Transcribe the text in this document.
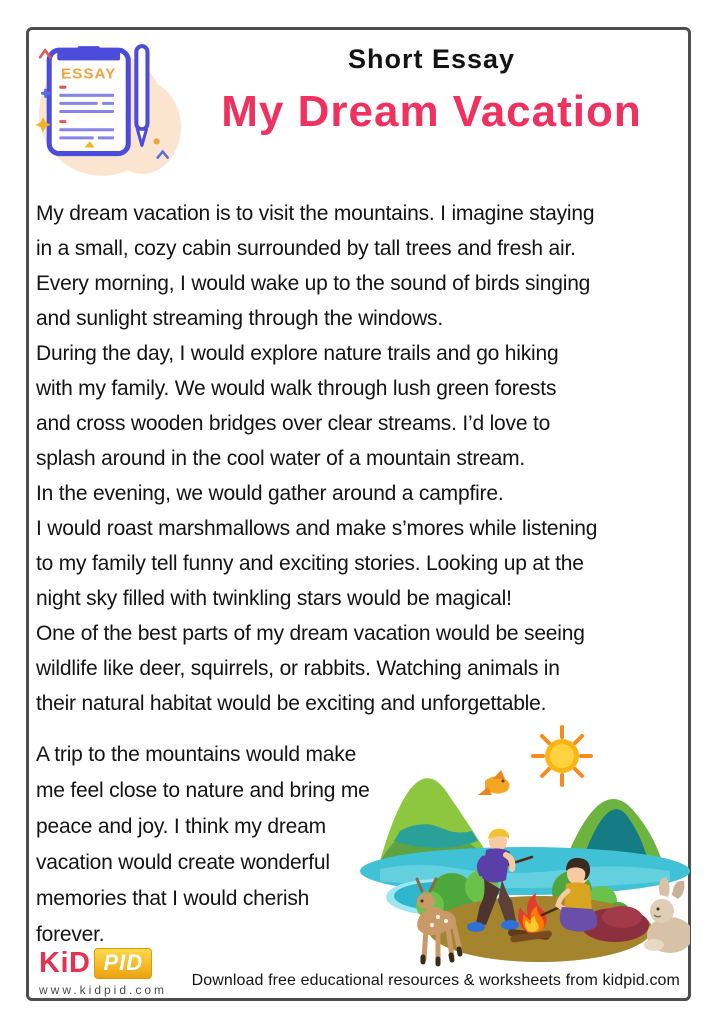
ESSAY
Short Essay
My Dream Vacation
My dream vacation is to visit the mountains. I imagine staying
in a small, cozy cabin surrounded by tall trees and fresh air.
Every morning, I would wake up to the sound of birds singing
and sunlight streaming through the windows.
During the day, I would explore nature trails and go hiking
with my family. We would walk through lush green forests
and cross wooden bridges over clear streams. I’d love to
splash around in the cool water of a mountain stream.
In the evening, we would gather around a campfire.
I would roast marshmallows and make s’mores while listening
to my family tell funny and exciting stories. Looking up at the
night sky filled with twinkling stars would be magical!
One of the best parts of my dream vacation would be seeing
wildlife like deer, squirrels, or rabbits. Watching animals in
their natural habitat would be exciting and unforgettable.
A trip to the mountains would make
me feel close to nature and bring me
peace and joy. I think my dream
vacation would create wonderful
memories that I would cherish
forever.
KiD PID
www.kidpid.com
Download free educational resources & worksheets from kidpid.com
